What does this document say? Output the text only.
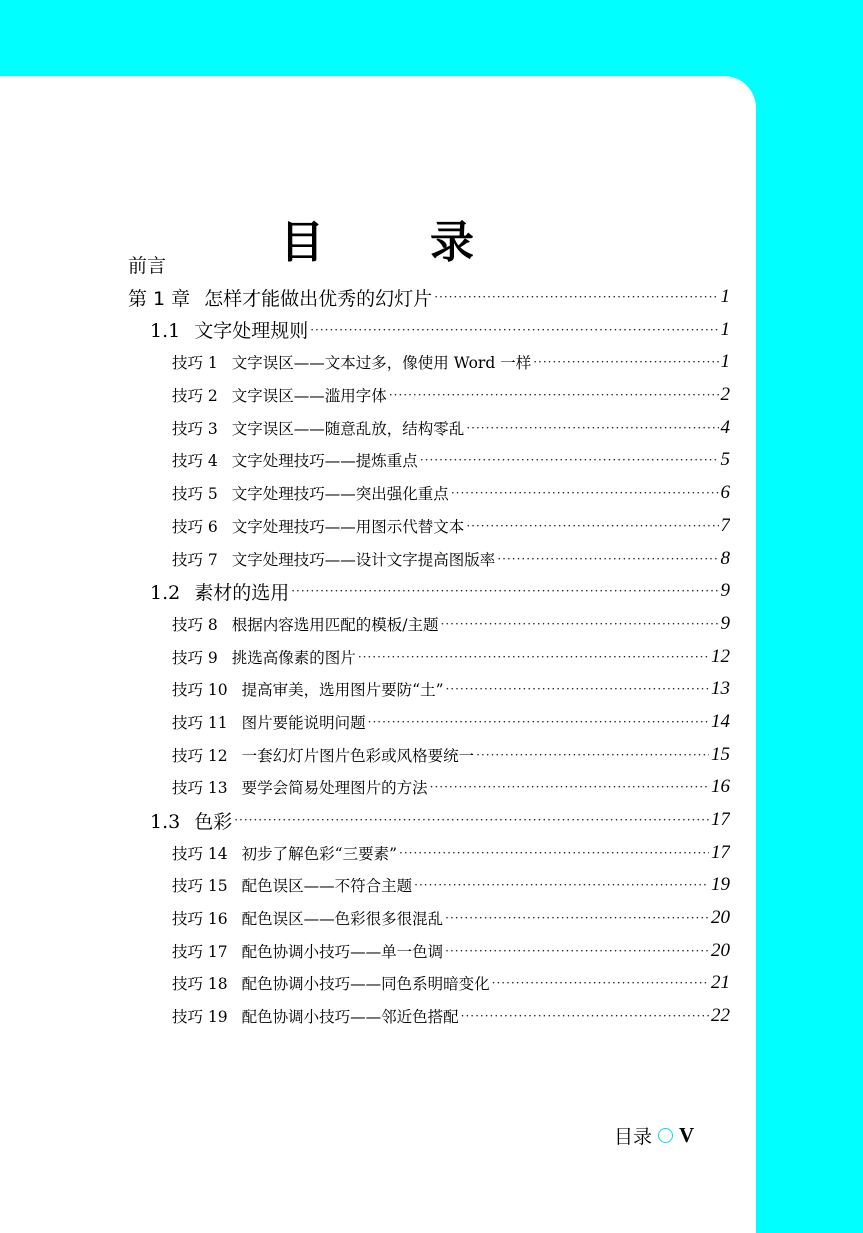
目 录
前言
第 1 章 怎样才能做出优秀的幻灯片 ·····	1
1.1 文字处理规则 ·····	1
技巧 1 文字误区——文本过多，像使用 Word 一样 ·····	1
技巧 2 文字误区——滥用字体 ·····	2
技巧 3 文字误区——随意乱放，结构零乱 ·····	4
技巧 4 文字处理技巧——提炼重点 ·····	5
技巧 5 文字处理技巧——突出强化重点 ·····	6
技巧 6 文字处理技巧——用图示代替文本 ·····	7
技巧 7 文字处理技巧——设计文字提高图版率 ·····	8
1.2 素材的选用 ·····	9
技巧 8 根据内容选用匹配的模板/主题 ·····	9
技巧 9 挑选高像素的图片 ·····	12
技巧 10 提高审美，选用图片要防“土” ·····	13
技巧 11 图片要能说明问题 ·····	14
技巧 12 一套幻灯片图片色彩或风格要统一 ·····	15
技巧 13 要学会简易处理图片的方法 ·····	16
1.3 色彩 ·····	17
技巧 14 初步了解色彩“三要素” ·····	17
技巧 15 配色误区——不符合主题 ·····	19
技巧 16 配色误区——色彩很多很混乱 ·····	20
技巧 17 配色协调小技巧——单一色调 ·····	20
技巧 18 配色协调小技巧——同色系明暗变化 ·····	21
技巧 19 配色协调小技巧——邻近色搭配 ·····	22
目录 V
